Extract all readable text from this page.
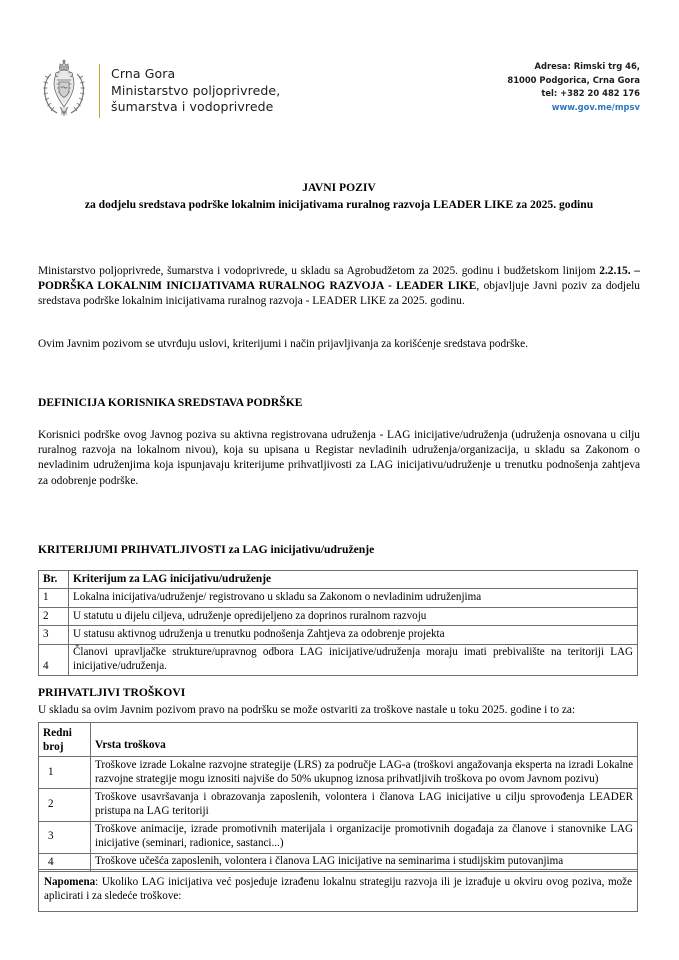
Crna Gora
Ministarstvo poljoprivrede,
šumarstva i vodoprivrede
Adresa: Rimski trg 46,
81000 Podgorica, Crna Gora
tel: +382 20 482 176
www.gov.me/mpsv
JAVNI POZIV
za dodjelu sredstava podrške lokalnim inicijativama ruralnog razvoja LEADER LIKE za 2025. godinu
Ministarstvo poljoprivrede, šumarstva i vodoprivrede, u skladu sa Agrobudžetom za 2025. godinu i budžetskom linijom 2.2.15. – PODRŠKA LOKALNIM INICIJATIVAMA RURALNOG RAZVOJA - LEADER LIKE, objavljuje Javni poziv za dodjelu sredstava podrške lokalnim inicijativama ruralnog razvoja - LEADER LIKE za 2025. godinu.
Ovim Javnim pozivom se utvrđuju uslovi, kriterijumi i način prijavljivanja za korišćenje sredstava podrške.
DEFINICIJA KORISNIKA SREDSTAVA PODRŠKE
Korisnici podrške ovog Javnog poziva su aktivna registrovana udruženja - LAG inicijative/udruženja (udruženja osnovana u cilju ruralnog razvoja na lokalnom nivou), koja su upisana u Registar nevladinih udruženja/organizacija, u skladu sa Zakonom o nevladinim udruženjima koja ispunjavaju kriterijume prihvatljivosti za LAG inicijativu/udruženje u trenutku podnošenja zahtjeva za odobrenje podrške.
KRITERIJUMI PRIHVATLJIVOSTI za LAG inicijativu/udruženje
Br.	Kriterijum za LAG inicijativu/udruženje
1	Lokalna inicijativa/udruženje/ registrovano u skladu sa Zakonom o nevladinim udruženjima
2	U statutu u dijelu ciljeva, udruženje opredijeljeno za doprinos ruralnom razvoju
3	U statusu aktivnog udruženja u trenutku podnošenja Zahtjeva za odobrenje projekta
4	Članovi upravljačke strukture/upravnog odbora LAG inicijative/udruženja moraju imati prebivalište na teritoriji LAG inicijative/udruženja.
PRIHVATLJIVI TROŠKOVI
U skladu sa ovim Javnim pozivom pravo na podršku se može ostvariti za troškove nastale u toku 2025. godine i to za:
Redni
broj	Vrsta troškova
1	Troškove izrade Lokalne razvojne strategije (LRS) za područje LAG-a (troškovi angažovanja eksperta na izradi Lokalne razvojne strategije mogu iznositi najviše do 50% ukupnog iznosa prihvatljivih troškova po ovom Javnom pozivu)
2	Troškove usavršavanja i obrazovanja zaposlenih, volontera i članova LAG inicijative u cilju sprovođenja LEADER pristupa na LAG teritoriji
3	Troškove animacije, izrade promotivnih materijala i organizacije promotivnih događaja za članove i stanovnike LAG inicijative (seminari, radionice, sastanci...)
4	Troškove učešća zaposlenih, volontera i članova LAG inicijative na seminarima i studijskim putovanjima
Napomena: Ukoliko LAG inicijativa već posjeduje izrađenu lokalnu strategiju razvoja ili je izrađuje u okviru ovog poziva, može aplicirati i za sledeće troškove:
